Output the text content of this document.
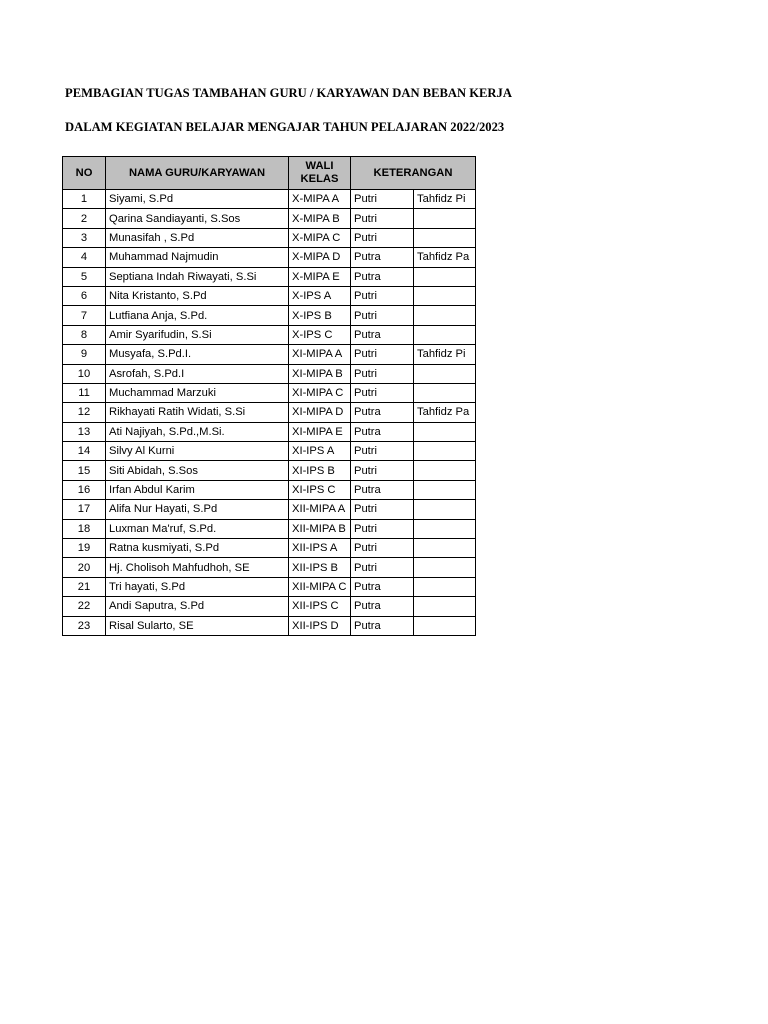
PEMBAGIAN TUGAS TAMBAHAN GURU / KARYAWAN DAN BEBAN KERJA
DALAM KEGIATAN BELAJAR MENGAJAR TAHUN PELAJARAN 2022/2023
NO	NAMA GURU/KARYAWAN	WALI KELAS	KETERANGAN	
1	Siyami, S.Pd	X-MIPA A	Putri	Tahfidz Pi
2	Qarina Sandiayanti, S.Sos	X-MIPA B	Putri	
3	Munasifah , S.Pd	X-MIPA C	Putri	
4	Muhammad Najmudin	X-MIPA D	Putra	Tahfidz Pa
5	Septiana Indah Riwayati, S.Si	X-MIPA E	Putra	
6	Nita Kristanto, S.Pd	X-IPS A	Putri	
7	Lutfiana Anja, S.Pd.	X-IPS B	Putri	
8	Amir Syarifudin, S.Si	X-IPS C	Putra	
9	Musyafa, S.Pd.I.	XI-MIPA A	Putri	Tahfidz Pi
10	Asrofah, S.Pd.I	XI-MIPA B	Putri	
11	Muchammad Marzuki	XI-MIPA C	Putri	
12	Rikhayati Ratih Widati, S.Si	XI-MIPA D	Putra	Tahfidz Pa
13	Ati Najiyah, S.Pd.,M.Si.	XI-MIPA E	Putra	
14	Silvy Al Kurni	XI-IPS A	Putri	
15	Siti Abidah, S.Sos	XI-IPS B	Putri	
16	Irfan Abdul Karim	XI-IPS C	Putra	
17	Alifa Nur Hayati, S.Pd	XII-MIPA A	Putri	
18	Luxman Ma'ruf, S.Pd.	XII-MIPA B	Putri	
19	Ratna kusmiyati, S.Pd	XII-IPS A	Putri	
20	Hj. Cholisoh Mahfudhoh, SE	XII-IPS B	Putri	
21	Tri hayati, S.Pd	XII-MIPA C	Putra	
22	Andi Saputra, S.Pd	XII-IPS C	Putra	
23	Risal Sularto, SE	XII-IPS D	Putra	
